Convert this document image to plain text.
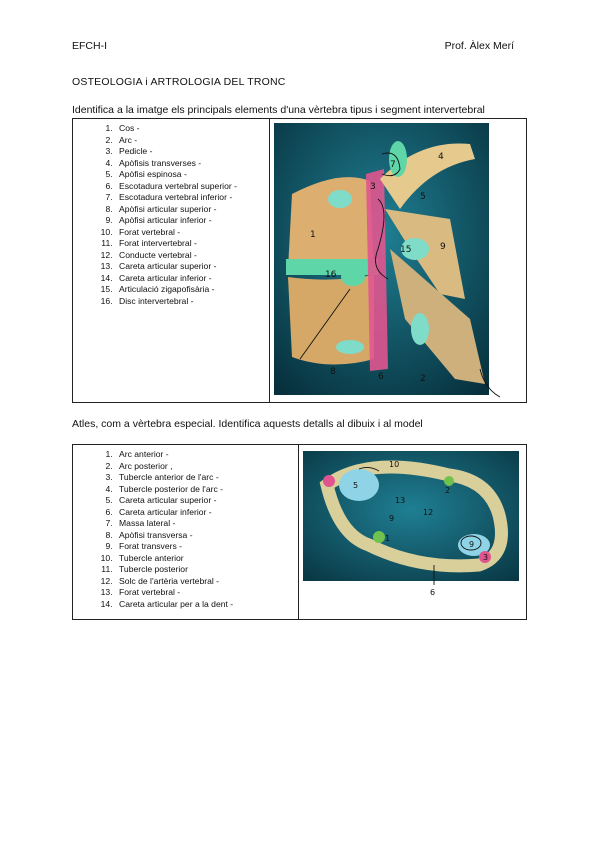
EFCH-I	Prof. Àlex Merí
OSTEOLOGIA i ARTROLOGIA DEL TRONC
Identifica a la imatge els principals elements d'una vèrtebra tipus i segment intervertebral
1. Cos -
2. Arc -
3. Pedicle -
4. Apòfisis transverses -
5. Apòfisi espinosa -
6. Escotadura vertebral superior -
7. Escotadura vertebral inferior -
8. Apòfisi articular superior -
9. Apòfisi articular inferior -
10. Forat vertebral -
11. Forat intervertebral -
12. Conducte vertebral -
13. Careta articular superior -
14. Careta articular inferior -
15. Articulació zigapofisària -
16. Disc intervertebral -

7
4
5
3
1
15	9
16
6	2
8
Atles, com a vèrtebra especial. Identifica aquests detalls al dibuix i al model
1. Arc anterior -
2. Arc posterior ,
3. Tubercle anterior de l'arc -
4. Tubercle posterior de l'arc -
5. Careta articular superior -
6. Careta articular inferior -
7. Massa lateral -
8. Apòfisi transversa -
9. Forat transvers -
10. Tubercle anterior
11. Tubercle posterior
12. Solc de l'artèria vertebral -
13. Forat vertebral -
14. Careta articular per a la dent -

5
10
2
13
12
9
1
9
3
6
